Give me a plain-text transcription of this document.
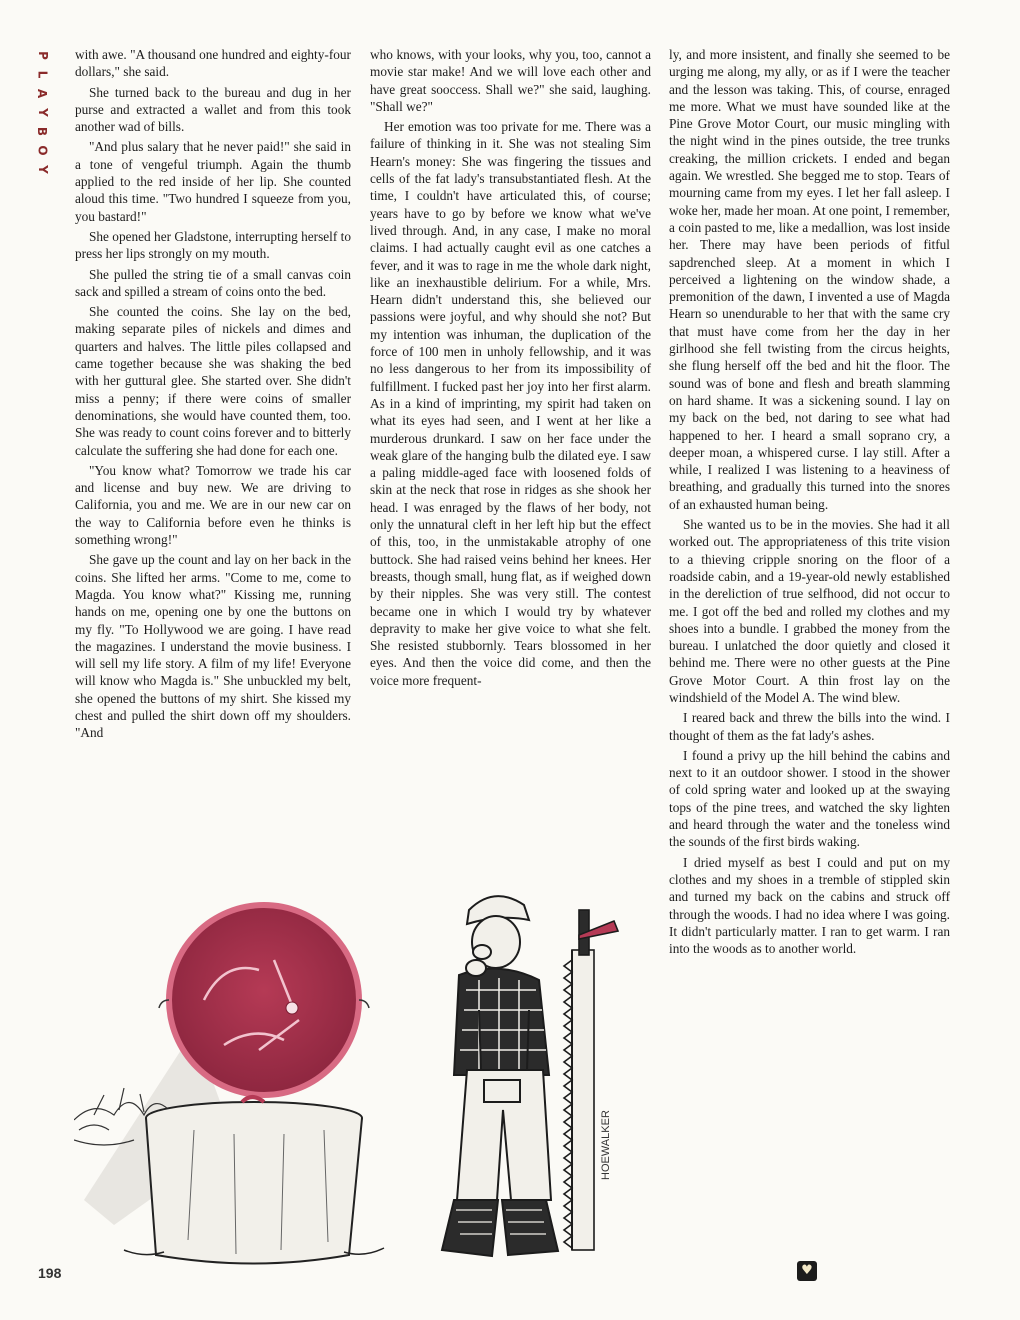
P
L
A
Y
B
O
Y

with awe. "A thousand one hundred and eighty-four dollars," she said.

She turned back to the bureau and dug in her purse and extracted a wallet and from this took another wad of bills.

"And plus salary that he never paid!" she said in a tone of vengeful triumph. Again the thumb applied to the red inside of her lip. She counted aloud this time. "Two hundred I squeeze from you, you bastard!"

She opened her Gladstone, interrupting herself to press her lips strongly on my mouth.

She pulled the string tie of a small canvas coin sack and spilled a stream of coins onto the bed.

She counted the coins. She lay on the bed, making separate piles of nickels and dimes and quarters and halves. The little piles collapsed and came together because she was shaking the bed with her guttural glee. She started over. She didn't miss a penny; if there were coins of smaller denominations, she would have counted them, too. She was ready to count coins forever and to bitterly calculate the suffering she had done for each one.

"You know what? Tomorrow we trade his car and license and buy new. We are driving to California, you and me. We are in our new car on the way to California before even he thinks is something wrong!"

She gave up the count and lay on her back in the coins. She lifted her arms. "Come to me, come to Magda. You know what?" Kissing me, running hands on me, opening one by one the buttons on my fly. "To Hollywood we are going. I have read the magazines. I understand the movie business. I will sell my life story. A film of my life! Everyone will know who Magda is." She unbuckled my belt, she opened the buttons of my shirt. She kissed my chest and pulled the shirt down off my shoulders. "And

who knows, with your looks, why you, too, cannot a movie star make! And we will love each other and have great sooccess. Shall we?" she said, laughing. "Shall we?"

Her emotion was too private for me. There was a failure of thinking in it. She was not stealing Sim Hearn's money: She was fingering the tissues and cells of the fat lady's transubstantiated flesh. At the time, I couldn't have articulated this, of course; years have to go by before we know what we've lived through. And, in any case, I make no moral claims. I had actually caught evil as one catches a fever, and it was to rage in me the whole dark night, like an inexhaustible delirium. For a while, Mrs. Hearn didn't understand this, she believed our passions were joyful, and why should she not? But my intention was inhuman, the duplication of the force of 100 men in unholy fellowship, and it was no less dangerous to her from its impossibility of fulfillment. I fucked past her joy into her first alarm. As in a kind of imprinting, my spirit had taken on what its eyes had seen, and I went at her like a murderous drunkard. I saw on her face under the weak glare of the hanging bulb the dilated eye. I saw a paling middle-aged face with loosened folds of skin at the neck that rose in ridges as she shook her head. I was enraged by the flaws of her body, not only the unnatural cleft in her left hip but the effect of this, too, in the unmistakable atrophy of one buttock. She had raised veins behind her knees. Her breasts, though small, hung flat, as if weighed down by their nipples. She was very still. The contest became one in which I would try by whatever depravity to make her give voice to what she felt. She resisted stubbornly. Tears blossomed in her eyes. And then the voice did come, and then the voice more frequent-

ly, and more insistent, and finally she seemed to be urging me along, my ally, or as if I were the teacher and the lesson was taking. This, of course, enraged me more. What we must have sounded like at the Pine Grove Motor Court, our music mingling with the night wind in the pines outside, the tree trunks creaking, the million crickets. I ended and began again. We wrestled. She begged me to stop. Tears of mourning came from my eyes. I let her fall asleep. I woke her, made her moan. At one point, I remember, a coin pasted to me, like a medallion, was lost inside her. There may have been periods of fitful sapdrenched sleep. At a moment in which I perceived a lightening on the window shade, a premonition of the dawn, I invented a use of Magda Hearn so unendurable to her that with the same cry that must have come from her the day in her girlhood she fell twisting from the circus heights, she flung herself off the bed and hit the floor. The sound was of bone and flesh and breath slamming on hard shame. It was a sickening sound. I lay on my back on the bed, not daring to see what had happened to her. I heard a small soprano cry, a deeper moan, a whispered curse. I lay still. After a while, I realized I was listening to a heaviness of breathing, and gradually this turned into the snores of an exhausted human being.

She wanted us to be in the movies. She had it all worked out. The appropriateness of this trite vision to a thieving cripple snoring on the floor of a roadside cabin, and a 19-year-old newly established in the dereliction of true selfhood, did not occur to me. I got off the bed and rolled my clothes and my shoes into a bundle. I grabbed the money from the bureau. I unlatched the door quietly and closed it behind me. There were no other guests at the Pine Grove Motor Court. A thin frost lay on the windshield of the Model A. The wind blew.

I reared back and threw the bills into the wind. I thought of them as the fat lady's ashes.

I found a privy up the hill behind the cabins and next to it an outdoor shower. I stood in the shower of cold spring water and looked up at the swaying tops of the pine trees, and watched the sky lighten and heard through the water and the toneless wind the sounds of the first birds waking.

I dried myself as best I could and put on my clothes and my shoes in a tremble of stippled skin and turned my back on the cabins and struck off through the woods. I had no idea where I was going. It didn't particularly matter. I ran to get warm. I ran into the woods as to another world.

HOEWALKER
198	♥
